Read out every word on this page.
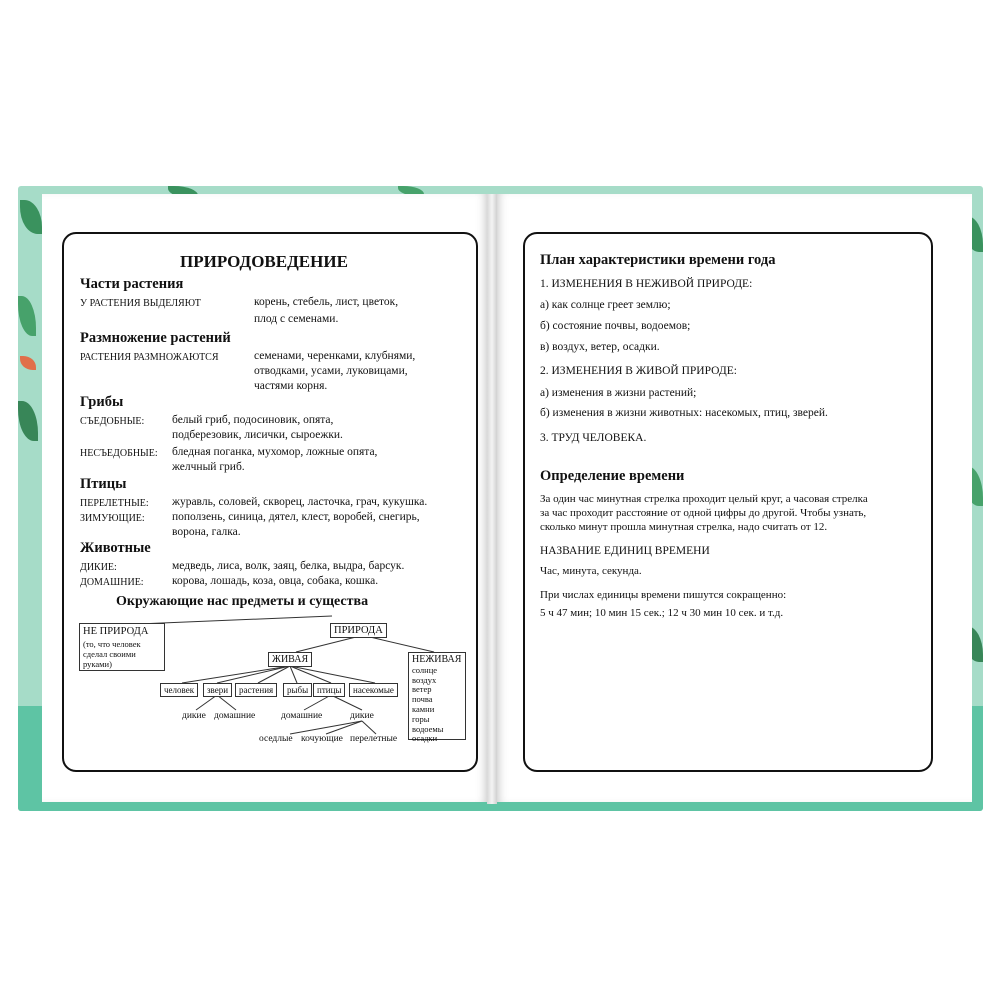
ПРИРОДОВЕДЕНИЕ
Части растения
У РАСТЕНИЯ ВЫДЕЛЯЮТ	корень, стебель, лист, цветок,
плод с семенами.
Размножение растений
РАСТЕНИЯ РАЗМНОЖАЮТСЯ	семенами, черенками, клубнями,
отводками, усами, луковицами,
частями корня.
Грибы
СЪЕДОБНЫЕ: белый гриб, подосиновик, опята,
подберезовик, лисички, сыроежки.
НЕСЪЕДОБНЫЕ: бледная поганка, мухомор, ложные опята,
желчный гриб.
Птицы
ПЕРЕЛЕТНЫЕ: журавль, соловей, скворец, ласточка, грач, кукушка.
ЗИМУЮЩИЕ: поползень, синица, дятел, клест, воробей, снегирь,
ворона, галка.
Животные
ДИКИЕ:	медведь, лиса, волк, заяц, белка, выдра, барсук.
ДОМАШНИЕ: корова, лошадь, коза, овца, собака, кошка.
Окружающие нас предметы и существа
НЕ ПРИРОДА
(то, что человек
сделал своими
руками)
ПРИРОДА
ЖИВАЯ	НЕЖИВАЯ
солнце
воздух
ветер
почва
камни
горы
водоемы
осадки
человек	звери	растения	рыбы птицы	насекомые
дикие домашние	домашние	дикие
оседлые кочующие перелетные
План характеристики времени года
1. ИЗМЕНЕНИЯ В НЕЖИВОЙ ПРИРОДЕ:
а) как солнце греет землю;
б) состояние почвы, водоемов;
в) воздух, ветер, осадки.
2. ИЗМЕНЕНИЯ В ЖИВОЙ ПРИРОДЕ:
а) изменения в жизни растений;
б) изменения в жизни животных: насекомых, птиц, зверей.
3. ТРУД ЧЕЛОВЕКА.
Определение времени
За один час минутная стрелка проходит целый круг, а часовая стрелка
за час проходит расстояние от одной цифры до другой. Чтобы узнать,
сколько минут прошла минутная стрелка, надо считать от 12.
НАЗВАНИЕ ЕДИНИЦ ВРЕМЕНИ
Час, минута, секунда.
При числах единицы времени пишутся сокращенно:
5 ч 47 мин; 10 мин 15 сек.; 12 ч 30 мин 10 сек. и т.д.
